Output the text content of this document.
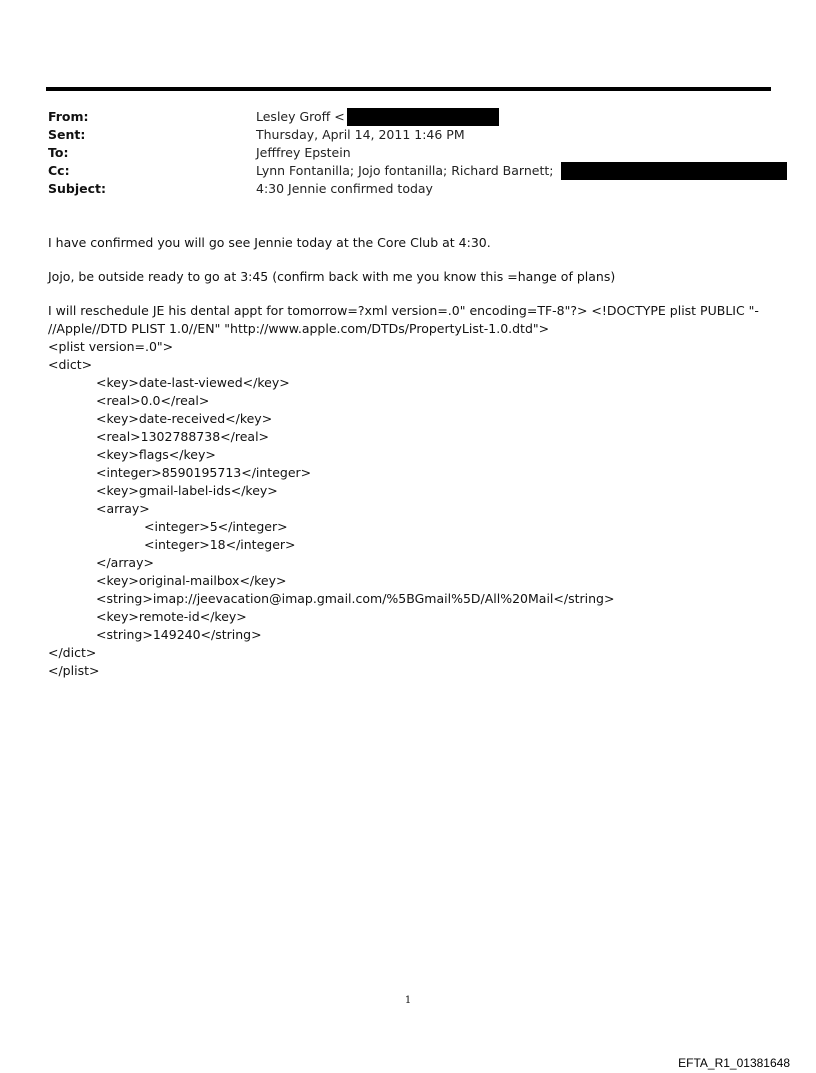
From:	Lesley Groff <
Sent:	Thursday, April 14, 2011 1:46 PM
To:	Jefffrey Epstein
Cc:	Lynn Fontanilla; Jojo fontanilla; Richard Barnett;
Subject:	4:30 Jennie confirmed today

I have confirmed you will go see Jennie today at the Core Club at 4:30.

Jojo, be outside ready to go at 3:45 (confirm back with me you know this =hange of plans)

I will reschedule JE his dental appt for tomorrow=?xml version=.0" encoding=TF-8"?> <!DOCTYPE plist PUBLIC "-
//Apple//DTD PLIST 1.0//EN" "http://www.apple.com/DTDs/PropertyList-1.0.dtd">
<plist version=.0">
<dict>
<key>date-last-viewed</key>
<real>0.0</real>
<key>date-received</key>
<real>1302788738</real>
<key>flags</key>
<integer>8590195713</integer>
<key>gmail-label-ids</key>
<array>
<integer>5</integer>
<integer>18</integer>
</array>
<key>original-mailbox</key>
<string>imap://jeevacation@imap.gmail.com/%5BGmail%5D/All%20Mail</string>
<key>remote-id</key>
<string>149240</string>
</dict>
</plist>
1
EFTA_R1_01381648
